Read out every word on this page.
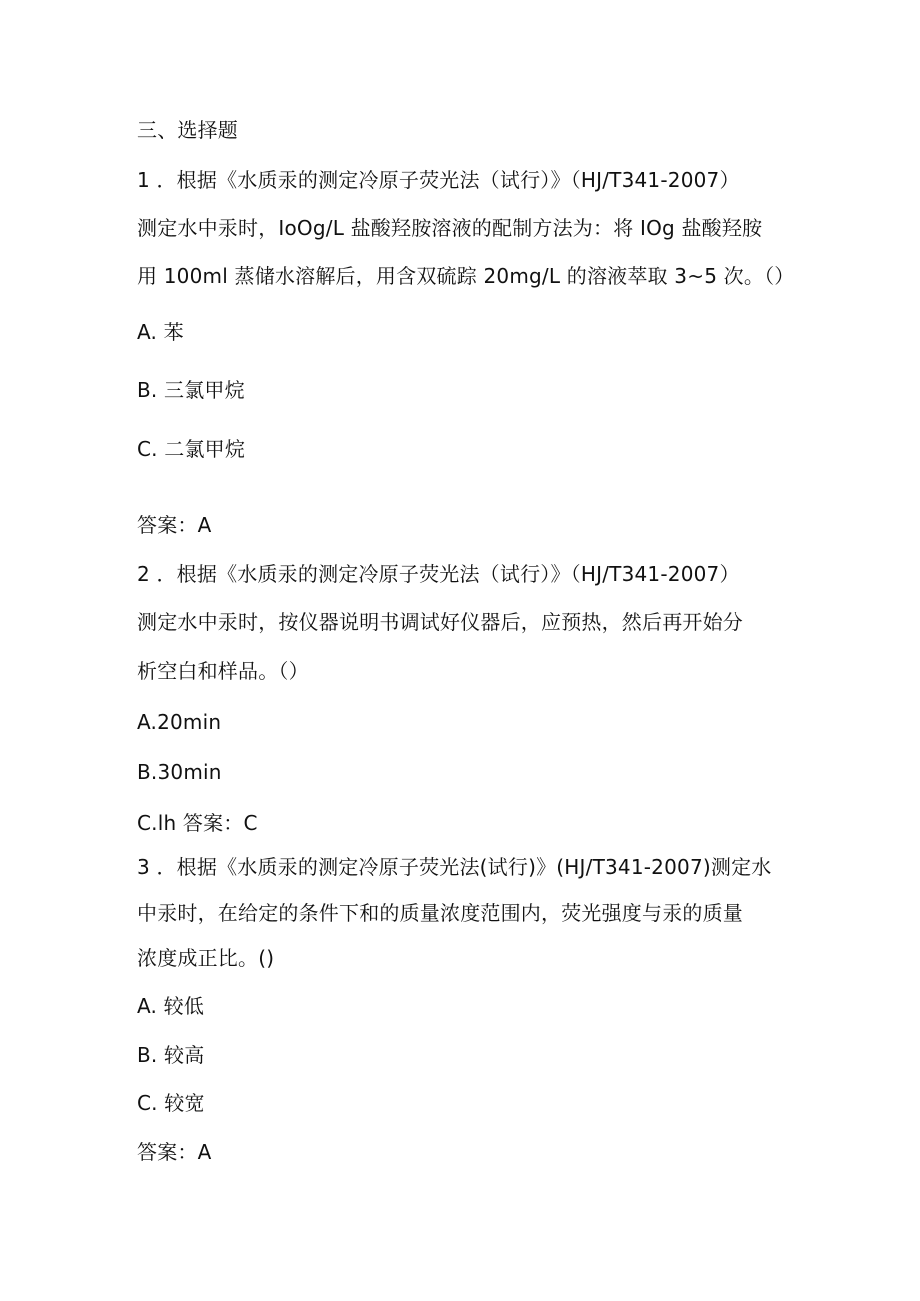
三、选择题
1 ．根据《水质汞的测定冷原子荧光法（试行）》（HJ/T341-2007）
测定水中汞时，IoOg/L 盐酸羟胺溶液的配制方法为：将 IOg 盐酸羟胺
用 100ml 蒸储水溶解后，用含双硫踪 20mg/L 的溶液萃取 3~5 次。（）
A. 苯
B. 三氯甲烷
C. 二氯甲烷
答案：A
2 ．根据《水质汞的测定冷原子荧光法（试行）》（HJ/T341-2007）
测定水中汞时，按仪器说明书调试好仪器后，应预热，然后再开始分
析空白和样品。（）
A.20min
B.30min
C.lh 答案：C
3 ．根据《水质汞的测定冷原子荧光法(试行)》(HJ/T341-2007)测定水
中汞时，在给定的条件下和的质量浓度范围内，荧光强度与汞的质量
浓度成正比。()
A. 较低
B. 较高
C. 较宽
答案：A
